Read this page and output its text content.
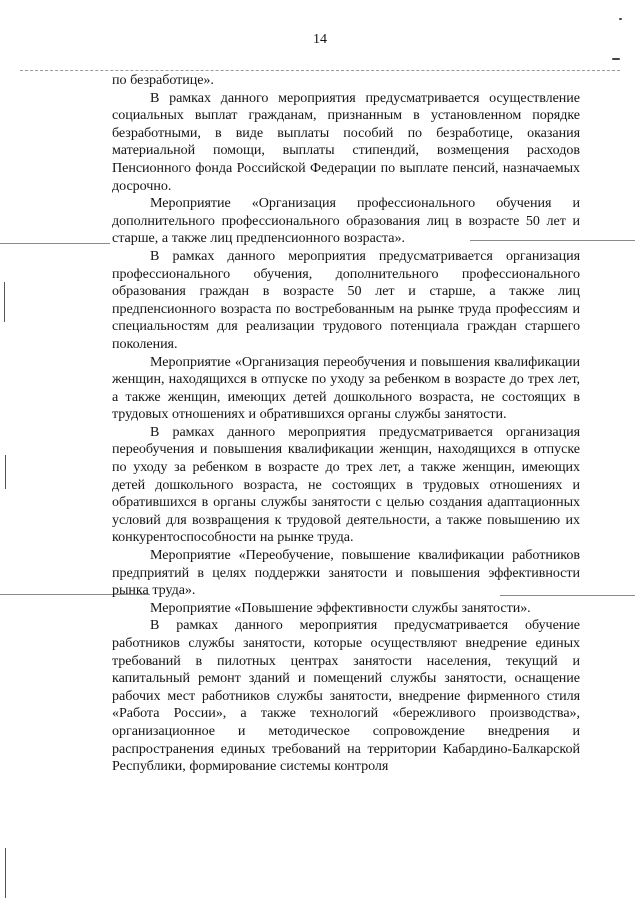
14

по безработице».

В рамках данного мероприятия предусматривается осуществление социальных выплат гражданам, признанным в установленном порядке безработными, в виде выплаты пособий по безработице, оказания материальной помощи, выплаты стипендий, возмещения расходов Пенсионного фонда Российской Федерации по выплате пенсий, назначаемых досрочно.

Мероприятие «Организация профессионального обучения и дополнительного профессионального образования лиц в возрасте 50 лет и старше, а также лиц предпенсионного возраста».

В рамках данного мероприятия предусматривается организация профессионального обучения, дополнительного профессионального образования граждан в возрасте 50 лет и старше, а также лиц предпенсионного возраста по востребованным на рынке труда профессиям и специальностям для реализации трудового потенциала граждан старшего поколения.

Мероприятие «Организация переобучения и повышения квалификации женщин, находящихся в отпуске по уходу за ребенком в возрасте до трех лет, а также женщин, имеющих детей дошкольного возраста, не состоящих в трудовых отношениях и обратившихся органы службы занятости.

В рамках данного мероприятия предусматривается организация переобучения и повышения квалификации женщин, находящихся в отпуске по уходу за ребенком в возрасте до трех лет, а также женщин, имеющих детей дошкольного возраста, не состоящих в трудовых отношениях и обратившихся в органы службы занятости с целью создания адаптационных условий для возвращения к трудовой деятельности, а также повышению их конкурентоспособности на рынке труда.

Мероприятие «Переобучение, повышение квалификации работников предприятий в целях поддержки занятости и повышения эффективности рынка труда».

Мероприятие «Повышение эффективности службы занятости».

В рамках данного мероприятия предусматривается обучение работников службы занятости, которые осуществляют внедрение единых требований в пилотных центрах занятости населения, текущий и капитальный ремонт зданий и помещений службы занятости, оснащение рабочих мест работников службы занятости, внедрение фирменного стиля «Работа России», а также технологий «бережливого производства», организационное и методическое сопровождение внедрения и распространения единых требований на территории Кабардино-Балкарской Республики, формирование системы контроля
